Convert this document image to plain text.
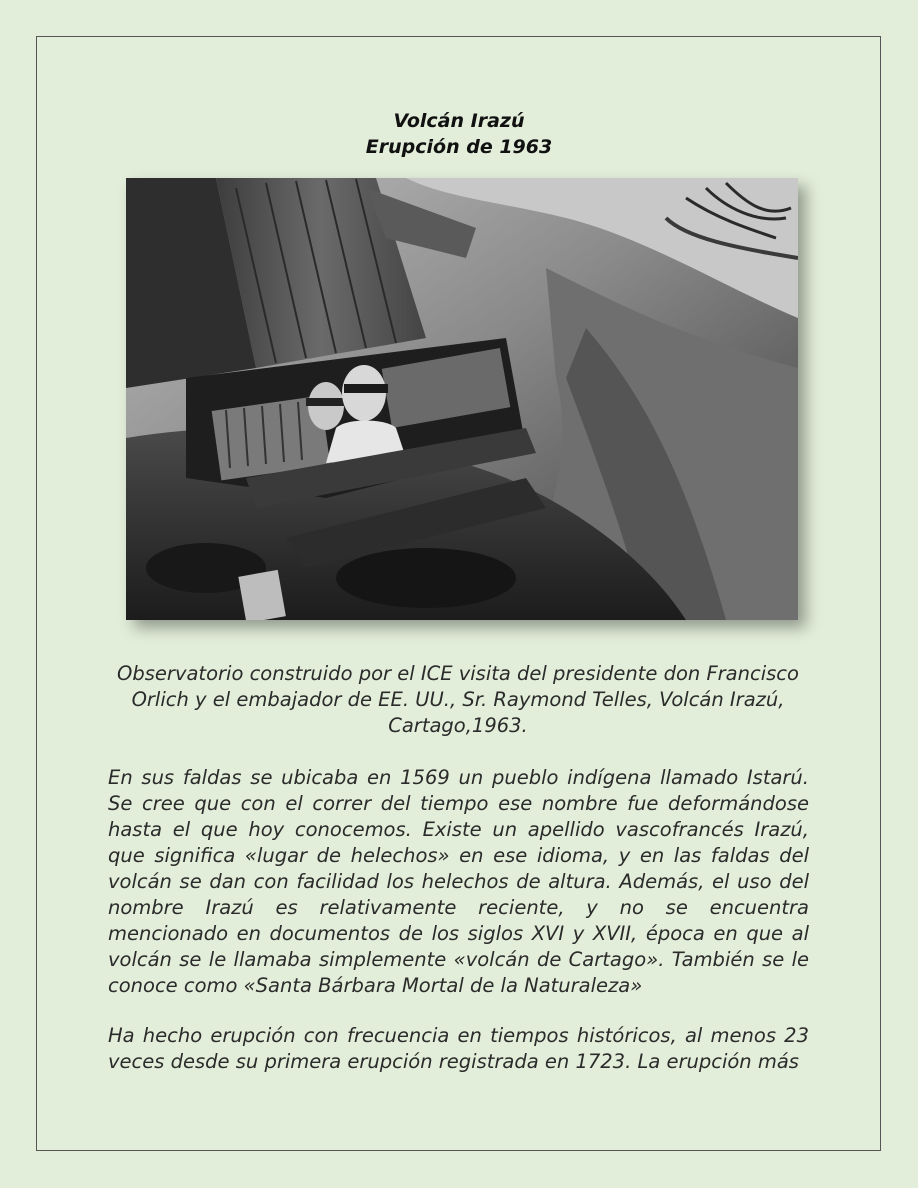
Volcán Irazú
Erupción de 1963
Observatorio construido por el ICE visita del presidente don Francisco Orlich y el embajador de EE. UU., Sr. Raymond Telles, Volcán Irazú, Cartago,1963.

En sus faldas se ubicaba en 1569 un pueblo indígena llamado Istarú. Se cree que con el correr del tiempo ese nombre fue deformándose hasta el que hoy conocemos. Existe un apellido vascofrancés Irazú, que significa «lugar de helechos» en ese idioma, y en las faldas del volcán se dan con facilidad los helechos de altura. Además, el uso del nombre Irazú es relativamente reciente, y no se encuentra mencionado en documentos de los siglos XVI y XVII, época en que al volcán se le llamaba simplemente «volcán de Cartago». También se le conoce como «Santa Bárbara Mortal de la Naturaleza»

Ha hecho erupción con frecuencia en tiempos históricos, al menos 23 veces desde su primera erupción registrada en 1723. La erupción más
